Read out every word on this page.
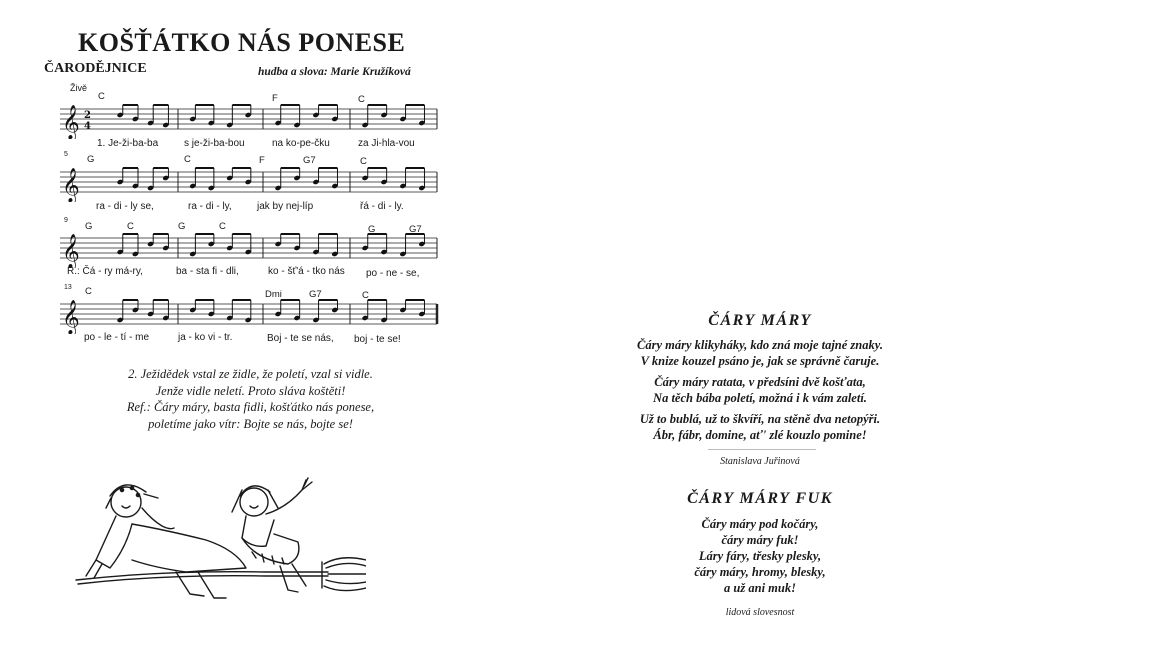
KOŠŤÁTKO NÁS PONESE
ČARODĚJNICE	hudba a slova: Marie Kružíková
Živě
C	F	C
𝄞 2
4
1. Je-ži-ba-ba	s je-ži-ba-bou	na ko-pe-čku	za Ji-hla-vou
5 G	C	F	G7	C
𝄞
ra - di - ly se,	ra - di - ly,	jak by nej-líp	řá - di - ly.
9
G	C	G	C	G	G7
𝄞
R.: Čá - ry má-ry,	ba - sta fi - dli,	ko - šť'á - tko nás po - ne - se,
13 C	Dmi	G7	C
𝄞
po - le - tí - me	ja - ko vi - tr.	Boj - te se nás, boj - te se!
2. Ježidědek vstal ze židle, že poletí, vzal si vidle.
Jenže vidle neletí. Proto sláva koštěti!
Ref.: Čáry máry, basta fidli, košťátko nás ponese,
poletíme jako vítr: Bojte se nás, bojte se!
ČÁRY MÁRY
Čáry máry klikyháky, kdo zná moje tajné znaky.
V knize kouzel psáno je, jak se správně čaruje.
Čáry máry ratata, v předsíni dvě košťata,
Na těch bába poletí, možná i k vám zaletí.
Už to bublá, už to škvíří, na stěně dva netopýři.
Ábr, fábr, domine, ať' zlé kouzlo pomine!
Stanislava Juřinová
ČÁRY MÁRY FUK
Čáry máry pod kočáry,
čáry máry fuk!
Láry fáry, třesky plesky,
čáry máry, hromy, blesky,
a už ani muk!
lidová slovesnost
